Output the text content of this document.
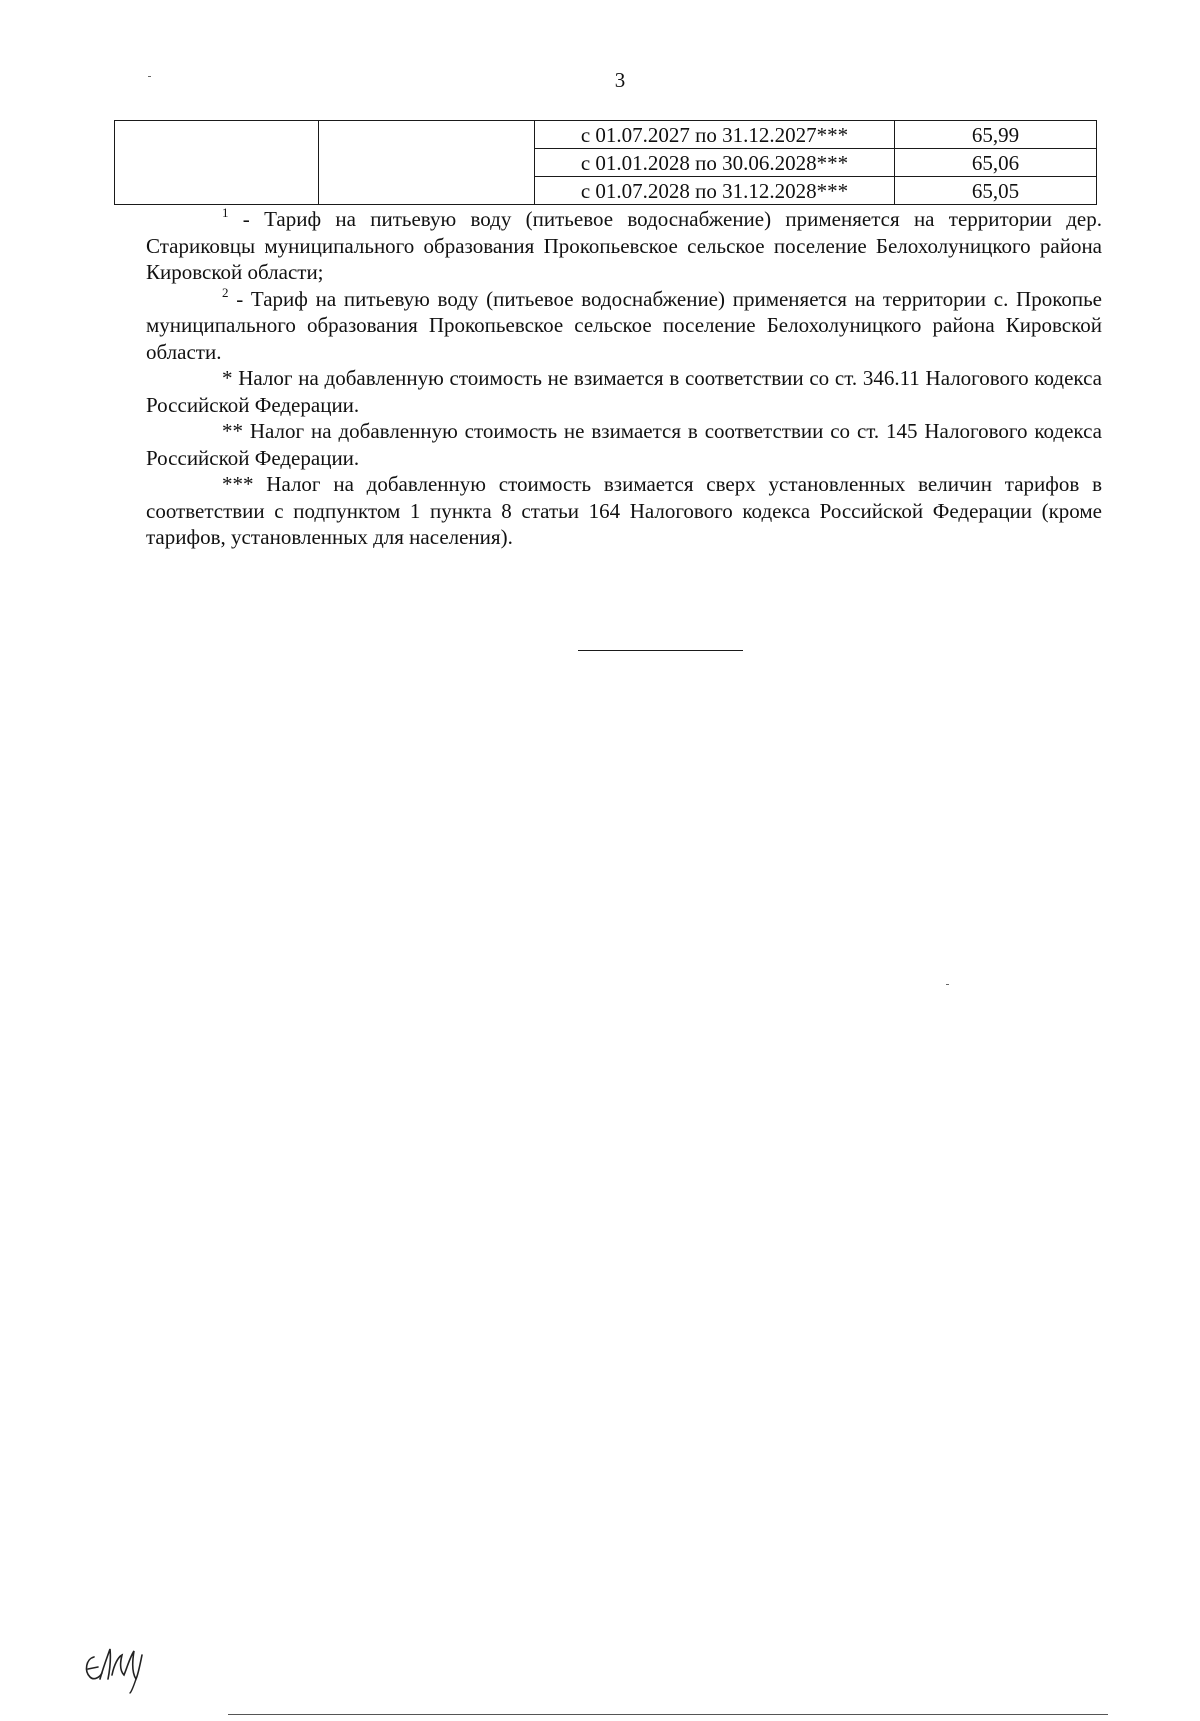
3
		с 01.07.2027 по 31.12.2027***	65,99
		с 01.01.2028 по 30.06.2028***	65,06
		с 01.07.2028 по 31.12.2028***	65,05

$^1$ - Тариф на питьевую воду (питьевое водоснабжение) применяется на территории дер. Стариковцы муниципального образования Прокопьевское сельское поселение Белохолуницкого района Кировской области;

$^2$ - Тариф на питьевую воду (питьевое водоснабжение) применяется на территории с. Прокопье муниципального образования Прокопьевское сельское поселение Белохолуницкого района Кировской области.

* Налог на добавленную стоимость не взимается в соответствии со ст. 346.11 Налогового кодекса Российской Федерации.

** Налог на добавленную стоимость не взимается в соответствии со ст. 145 Налогового кодекса Российской Федерации.

*** Налог на добавленную стоимость взимается сверх установленных величин тарифов в соответствии с подпунктом 1 пункта 8 статьи 164 Налогового кодекса Российской Федерации (кроме тарифов, установленных для населения).
